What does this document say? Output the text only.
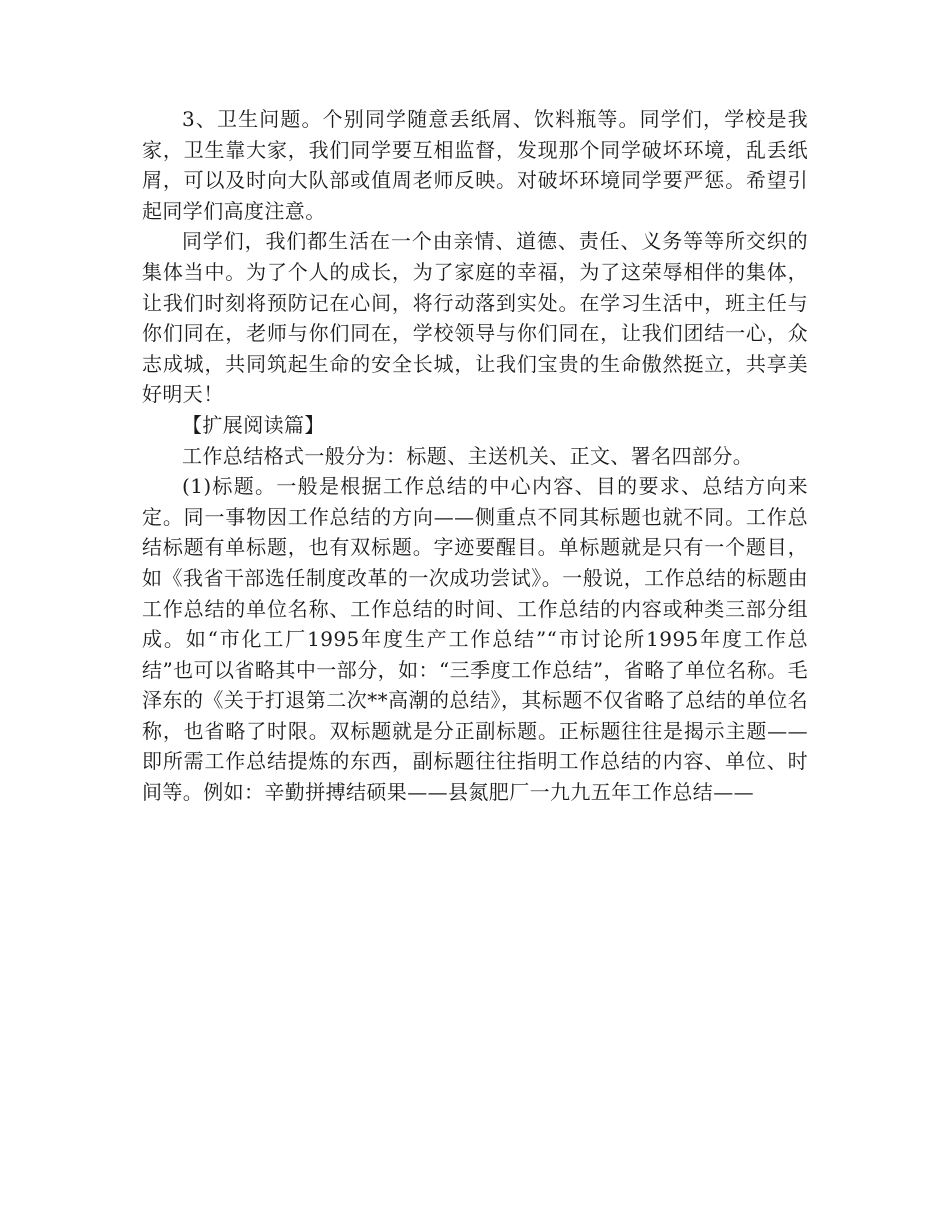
3、卫生问题。个别同学随意丢纸屑、饮料瓶等。同学们，学校是我家，卫生靠大家，我们同学要互相监督，发现那个同学破坏环境，乱丢纸屑，可以及时向大队部或值周老师反映。对破坏环境同学要严惩。希望引起同学们高度注意。

同学们，我们都生活在一个由亲情、道德、责任、义务等等所交织的集体当中。为了个人的成长，为了家庭的幸福，为了这荣辱相伴的集体，让我们时刻将预防记在心间，将行动落到实处。在学习生活中，班主任与你们同在，老师与你们同在，学校领导与你们同在，让我们团结一心，众志成城，共同筑起生命的安全长城，让我们宝贵的生命傲然挺立，共享美好明天！

【扩展阅读篇】

工作总结格式一般分为：标题、主送机关、正文、署名四部分。

(1)标题。一般是根据工作总结的中心内容、目的要求、总结方向来定。同一事物因工作总结的方向——侧重点不同其标题也就不同。工作总结标题有单标题，也有双标题。字迹要醒目。单标题就是只有一个题目，如《我省干部选任制度改革的一次成功尝试》。一般说，工作总结的标题由工作总结的单位名称、工作总结的时间、工作总结的内容或种类三部分组成。如“市化工厂1995年度生产工作总结”“市讨论所1995年度工作总结”也可以省略其中一部分，如：“三季度工作总结”，省略了单位名称。毛泽东的《关于打退第二次**高潮的总结》，其标题不仅省略了总结的单位名称，也省略了时限。双标题就是分正副标题。正标题往往是揭示主题——即所需工作总结提炼的东西，副标题往往指明工作总结的内容、单位、时间等。例如：辛勤拼搏结硕果——县氮肥厂一九九五年工作总结——
